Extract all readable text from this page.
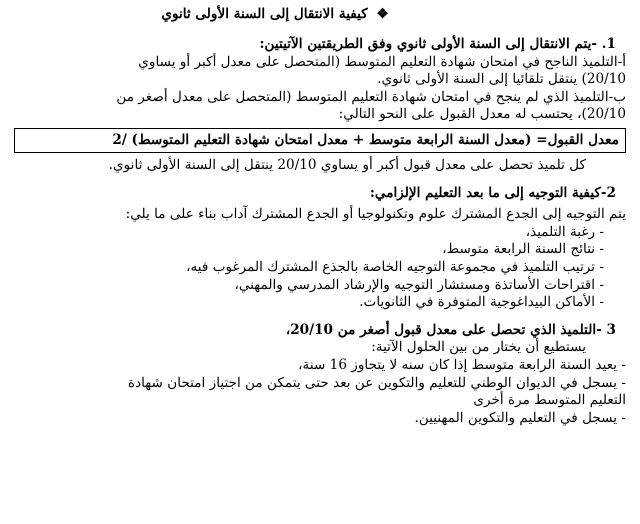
❖ كيفية الانتقال إلى السنة الأولى ثانوي
1. -يتم الانتقال إلى السنة الأولى ثانوي وفق الطريقتين الآتيتين:
أ-التلميذ الناجح في امتحان شهادة التعليم المتوسط (المتحصل على معدل أكبر أو يساوي
20/10) ينتقل تلقائيا إلى السنة الأولى ثانوي.
ب-التلميذ الذي لم ينجح في امتحان شهادة التعليم المتوسط (المتحصل على معدل أصغر من
20/10)، يحتسب له معدل القبول على النحو التالي:
معدل القبول= (معدل السنة الرابعة متوسط + معدل امتحان شهادة التعليم المتوسط) /2
كل تلميذ تحصل على معدل قبول أكبر أو يساوي 20/10 ينتقل إلى السنة الأولى ثانوي.
2-كيفية التوجيه إلى ما بعد التعليم الإلزامي:
يتم التوجيه إلى الجدع المشترك علوم وتكنولوجيا أو الجدع المشترك آداب بناء على ما يلي:
- رغبة التلميذ،
- نتائج السنة الرابعة متوسط،
- ترتيب التلميذ في مجموعة التوجيه الخاصة بالجذع المشترك المرغوب فيه،
- اقتراحات الأساتذة ومستشار التوجيه والإرشاد المدرسي والمهني،
- الأماكن البيداغوجية المتوفرة في الثانويات.
3 -التلميذ الذي تحصل على معدل قبول أصغر من 20/10،
يستطيع أن يختار من بين الحلول الآتية:
- يعيد السنة الرابعة متوسط إذا كان سنه لا يتجاوز 16 سنة،
- يسجل في الديوان الوطني للتعليم والتكوين عن بعد حتى يتمكن من اجتياز امتحان شهادة
التعليم المتوسط مرة أخرى
- يسجل في التعليم والتكوين المهنيين.
